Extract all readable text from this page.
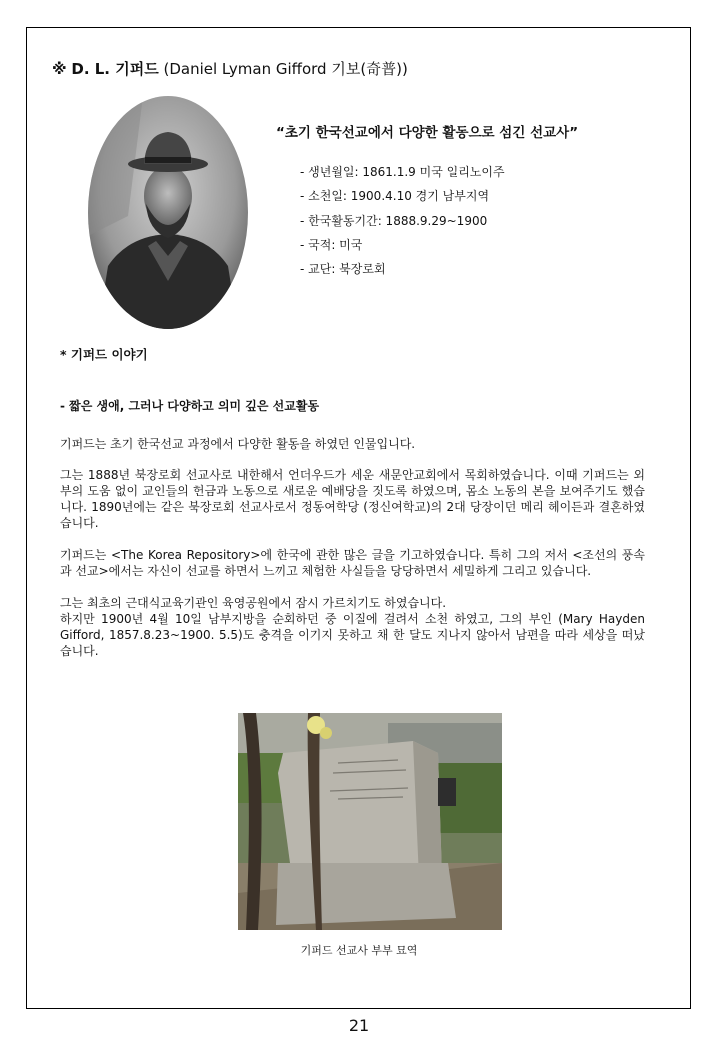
※ D. L. 기퍼드 (Daniel Lyman Gifford 기보(奇普))
“초기 한국선교에서 다양한 활동으로 섬긴 선교사”
- 생년월일: 1861.1.9 미국 일리노이주
- 소천일: 1900.4.10 경기 남부지역
- 한국활동기간: 1888.9.29~1900
- 국적: 미국
- 교단: 북장로회
* 기퍼드 이야기
- 짧은 생애, 그러나 다양하고 의미 깊은 선교활동

기퍼드는 초기 한국선교 과정에서 다양한 활동을 하였던 인물입니다.

그는 1888년 북장로회 선교사로 내한해서 언더우드가 세운 새문안교회에서 목회하였습니다. 이때 기퍼드는 외부의 도움 없이 교인들의 헌금과 노동으로 새로운 예배당을 짓도록 하였으며, 몸소 노동의 본을 보여주기도 했습니다. 1890년에는 같은 북장로회 선교사로서 정동여학당 (정신여학교)의 2대 당장이던 메리 헤이든과 결혼하였습니다.

기퍼드는 <The Korea Repository>에 한국에 관한 많은 글을 기고하였습니다. 특히 그의 저서 <조선의 풍속과 선교>에서는 자신이 선교를 하면서 느끼고 체험한 사실들을 당당하면서 세밀하게 그리고 있습니다.

그는 최초의 근대식교육기관인 육영공원에서 잠시 가르치기도 하였습니다.
하지만 1900년 4월 10일 남부지방을 순회하던 중 이질에 걸려서 소천 하였고, 그의 부인 (Mary Hayden Gifford, 1857.8.23~1900. 5.5)도 충격을 이기지 못하고 채 한 달도 지나지 않아서 남편을 따라 세상을 떠났습니다.

기퍼드 선교사 부부 묘역
21
